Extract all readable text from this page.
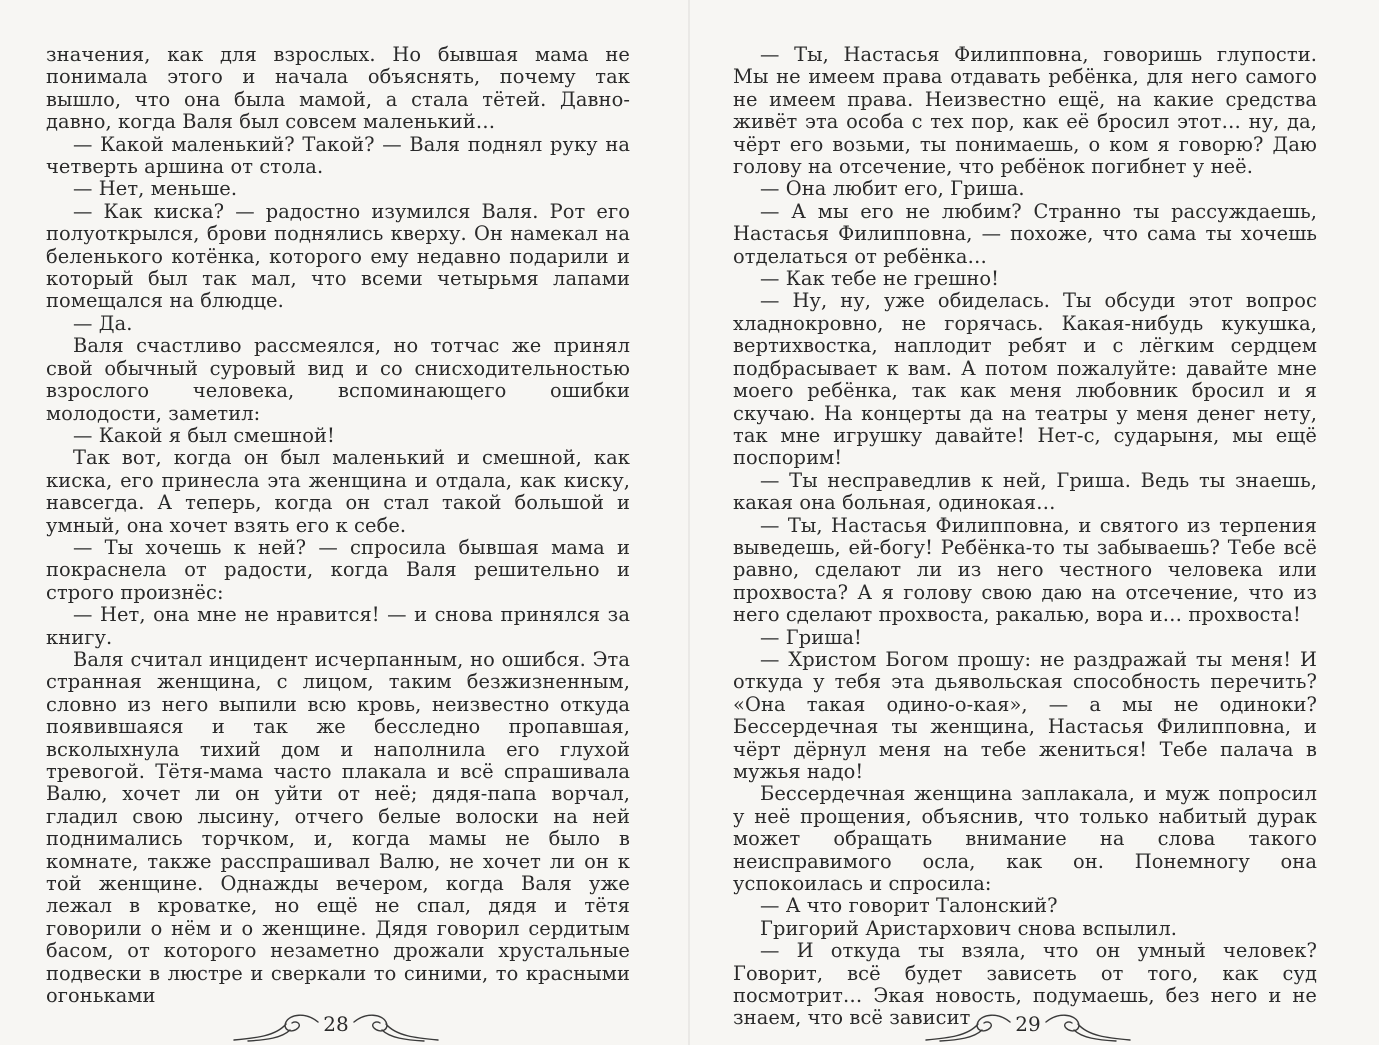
значения, как для взрослых. Но бывшая мама не понимала этого и начала объяснять, почему так вышло, что она была мамой, а стала тётей. Давно-давно, когда Валя был совсем маленький…

— Какой маленький? Такой? — Валя поднял руку на четверть аршина от стола.

— Нет, меньше.

— Как киска? — радостно изумился Валя. Рот его полуоткрылся, брови поднялись кверху. Он намекал на беленького котёнка, которого ему недавно подарили и который был так мал, что всеми четырьмя лапами помещался на блюдце.

— Да.

Валя счастливо рассмеялся, но тотчас же принял свой обычный суровый вид и со снисходительностью взрослого человека, вспоминающего ошибки молодости, заметил:

— Какой я был смешной!

Так вот, когда он был маленький и смешной, как киска, его принесла эта женщина и отдала, как киску, навсегда. А теперь, когда он стал такой большой и умный, она хочет взять его к себе.

— Ты хочешь к ней? — спросила бывшая мама и покраснела от радости, когда Валя решительно и строго произнёс:

— Нет, она мне не нравится! — и снова принялся за книгу.

Валя считал инцидент исчерпанным, но ошибся. Эта странная женщина, с лицом, таким безжизненным, словно из него выпили всю кровь, неизвестно откуда появившаяся и так же бесследно пропавшая, всколыхнула тихий дом и наполнила его глухой тревогой. Тётя-мама часто плакала и всё спрашивала Валю, хочет ли он уйти от неё; дядя-папа ворчал, гладил свою лысину, отчего белые волоски на ней поднимались торчком, и, когда мамы не было в комнате, также расспрашивал Валю, не хочет ли он к той женщине. Однажды вечером, когда Валя уже лежал в кроватке, но ещё не спал, дядя и тётя говорили о нём и о женщине. Дядя говорил сердитым басом, от которого незаметно дрожали хрустальные подвески в люстре и сверкали то синими, то красными огоньками

— Ты, Настасья Филипповна, говоришь глупости. Мы не имеем права отдавать ребёнка, для него самого не имеем права. Неизвестно ещё, на какие средства живёт эта особа с тех пор, как её бросил этот… ну, да, чёрт его возьми, ты понимаешь, о ком я говорю? Даю голову на отсечение, что ребёнок погибнет у неё.

— Она любит его, Гриша.

— А мы его не любим? Странно ты рассуждаешь, Настасья Филипповна, — похоже, что сама ты хочешь отделаться от ребёнка…

— Как тебе не грешно!

— Ну, ну, уже обиделась. Ты обсуди этот вопрос хладнокровно, не горячась. Какая-нибудь кукушка, вертихвостка, наплодит ребят и с лёгким сердцем подбрасывает к вам. А потом пожалуйте: давайте мне моего ребёнка, так как меня любовник бросил и я скучаю. На концерты да на театры у меня денег нету, так мне игрушку давайте! Нет-с, сударыня, мы ещё поспорим!

— Ты несправедлив к ней, Гриша. Ведь ты знаешь, какая она больная, одинокая…

— Ты, Настасья Филипповна, и святого из терпения выведешь, ей-богу! Ребёнка-то ты забываешь? Тебе всё равно, сделают ли из него честного человека или прохвоста? А я голову свою даю на отсечение, что из него сделают прохвоста, ракалью, вора и… прохвоста!

— Гриша!

— Христом Богом прошу: не раздражай ты меня! И откуда у тебя эта дьявольская способность перечить? «Она такая одино-о-кая», — а мы не одиноки? Бессердечная ты женщина, Настасья Филипповна, и чёрт дёрнул меня на тебе жениться! Тебе палача в мужья надо!

Бессердечная женщина заплакала, и муж попросил у неё прощения, объяснив, что только набитый дурак может обращать внимание на слова такого неисправимого осла, как он. Понемногу она успокоилась и спросила:

— А что говорит Талонский?

Григорий Аристархович снова вспылил.

— И откуда ты взяла, что он умный человек? Говорит, всё будет зависеть от того, как суд посмотрит… Экая новость, подумаешь, без него и не знаем, что всё зависит

28	29
